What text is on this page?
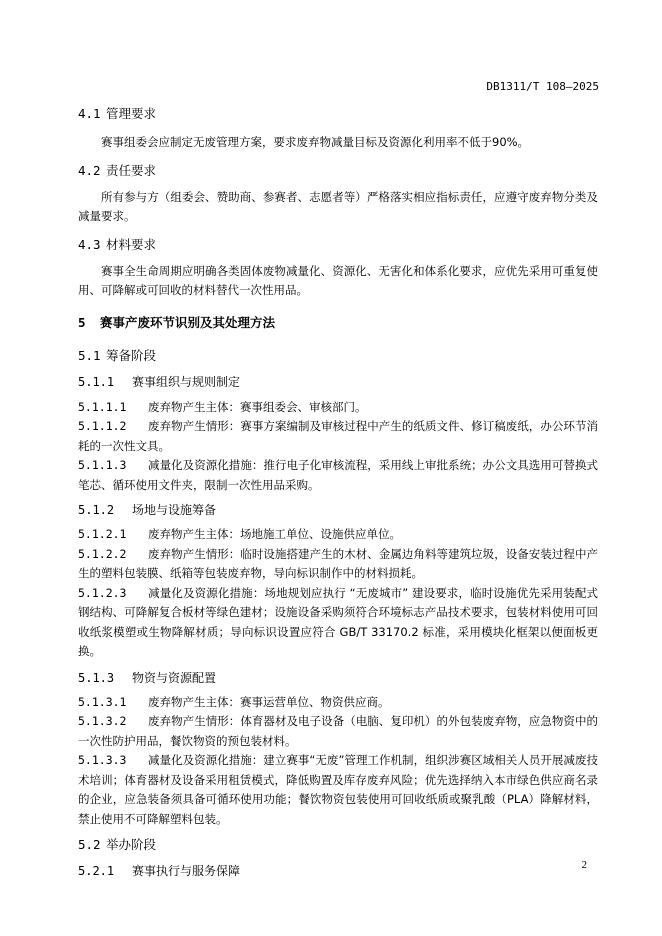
DB1311/T 108—2025

4.1 管理要求

赛事组委会应制定无废管理方案，要求废弃物减量目标及资源化利用率不低于90%。

4.2 责任要求

所有参与方（组委会、赞助商、参赛者、志愿者等）严格落实相应指标责任，应遵守废弃物分类及减量要求。

4.3 材料要求

赛事全生命周期应明确各类固体废物减量化、资源化、无害化和体系化要求，应优先采用可重复使用、可降解或可回收的材料替代一次性用品。

5 赛事产废环节识别及其处理方法

5.1 筹备阶段

5.1.1 赛事组织与规则制定

5.1.1.1 废弃物产生主体：赛事组委会、审核部门。

5.1.1.2 废弃物产生情形：赛事方案编制及审核过程中产生的纸质文件、修订稿废纸，办公环节消耗的一次性文具。

5.1.1.3 减量化及资源化措施：推行电子化审核流程，采用线上审批系统；办公文具选用可替换式笔芯、循环使用文件夹，限制一次性用品采购。

5.1.2 场地与设施筹备

5.1.2.1 废弃物产生主体：场地施工单位、设施供应单位。

5.1.2.2 废弃物产生情形：临时设施搭建产生的木材、金属边角料等建筑垃圾，设备安装过程中产生的塑料包装膜、纸箱等包装废弃物，导向标识制作中的材料损耗。

5.1.2.3 减量化及资源化措施：场地规划应执行 “无废城市” 建设要求，临时设施优先采用装配式钢结构、可降解复合板材等绿色建材；设施设备采购须符合环境标志产品技术要求，包装材料使用可回收纸浆模塑或生物降解材质；导向标识设置应符合 GB/T 33170.2 标准，采用模块化框架以便面板更换。

5.1.3 物资与资源配置

5.1.3.1 废弃物产生主体：赛事运营单位、物资供应商。

5.1.3.2 废弃物产生情形：体育器材及电子设备（电脑、复印机）的外包装废弃物，应急物资中的一次性防护用品，餐饮物资的预包装材料。

5.1.3.3 减量化及资源化措施：建立赛事“无废”管理工作机制，组织涉赛区域相关人员开展减废技术培训；体育器材及设备采用租赁模式，降低购置及库存废弃风险；优先选择纳入本市绿色供应商名录的企业，应急装备须具备可循环使用功能；餐饮物资包装使用可回收纸质或聚乳酸（PLA）降解材料，禁止使用不可降解塑料包装。

5.2 举办阶段

5.2.1 赛事执行与服务保障	2
